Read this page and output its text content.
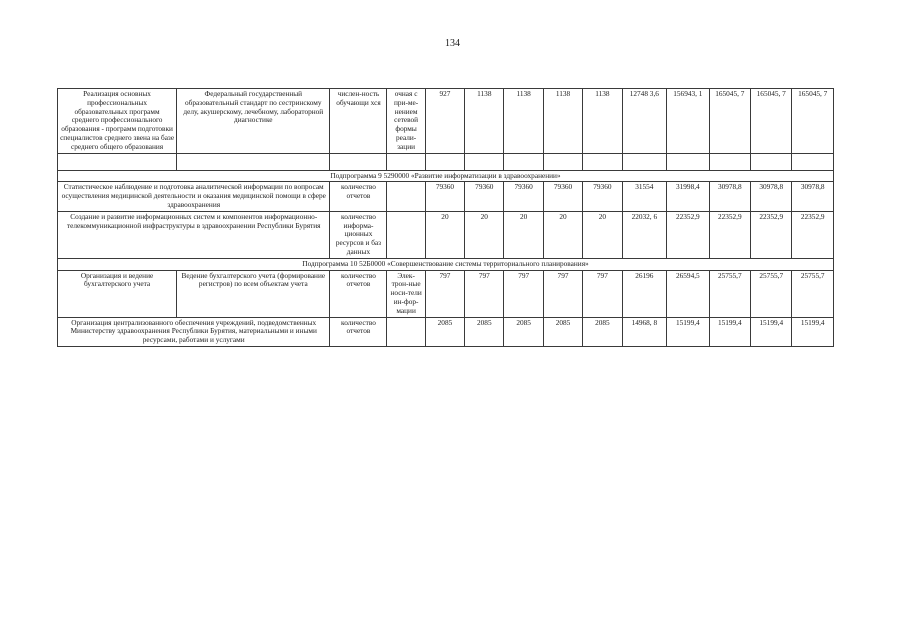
134
Реализация основных профессиональных образовательных программ среднего профессионального образования - программ подготовки специалистов среднего звена на базе среднего общего образования	Федеральный государственный образовательный стандарт по сестринскому делу, акушерскому, лечебному, лабораторной диагностике	числен-ность обучающи хся	очная с при-ме-нением сетевой формы реали-зации	927	1138	1138	1138	1138	12748 3,6	156943, 1	165045, 7	165045, 7	165045, 7

Подпрограмма 9 5290000 «Развитие информатизации в здравоохранении»													
Статистическое наблюдение и подготовка аналитической информации по вопросам осуществления медицинской деятельности и оказания медицинской помощи в сфере здравоохранения		количество отчетов		79360	79360	79360	79360	79360	31554	31998,4	30978,8	30978,8	30978,8
Создание и развитие информационных систем и компонентов информационно-телекоммуникационной инфраструктуры в здравоохранении Республики Бурятия		количество информа-ционных ресурсов и баз данных		20	20	20	20	20	22032, 6	22352,9	22352,9	22352,9	22352,9
Подпрограмма 10 52Б0000 «Совершенствование системы территориального планирования»													
Организация и ведение бухгалтерского учета	Ведение бухгалтерского учета (формирование регистров) по всем объектам учета	количество отчетов	Элек-трон-ные носи-тели ин-фор-мации	797	797	797	797	797	26196	26594,5	25755,7	25755,7	25755,7
Организация централизованного обеспечения учреждений, подведомственных Министерству здравоохранения Республики Бурятия, материальными и иными ресурсами, работами и услугами		количество отчетов		2085	2085	2085	2085	2085	14968, 8	15199,4	15199,4	15199,4	15199,4
